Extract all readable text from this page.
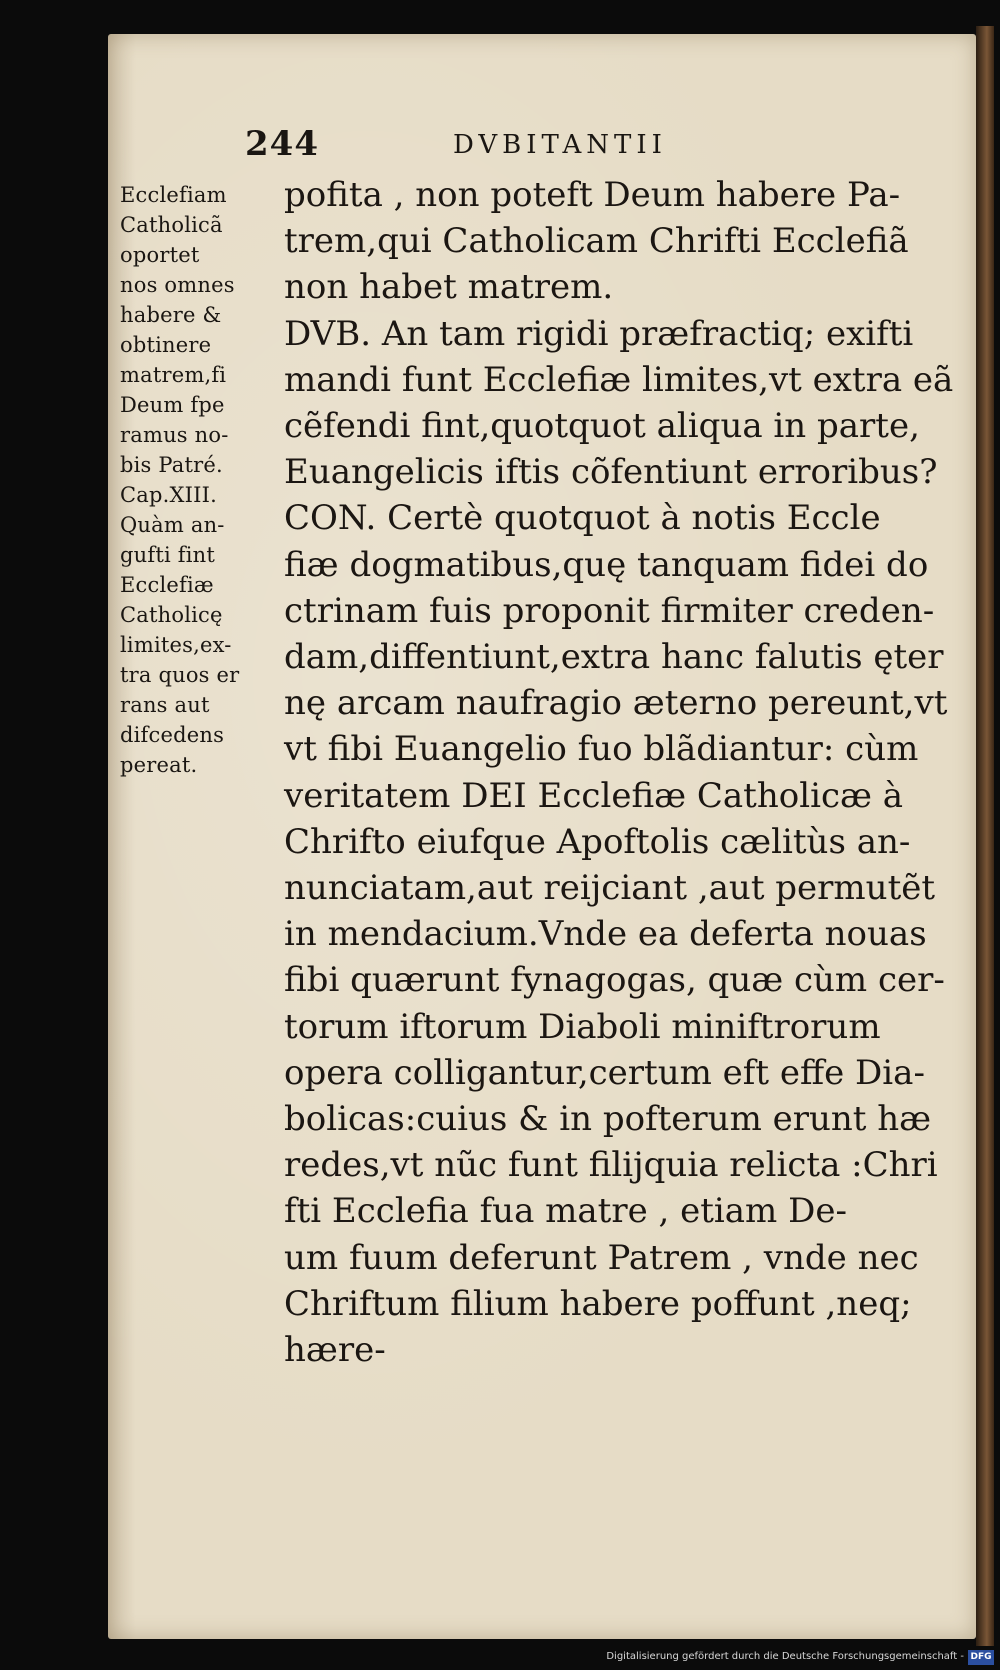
244	DVBITANTII
Ecclefiam
Catholicã
oportet
nos omnes
habere &
obtinere
matrem,fi
Deum fpe
ramus no-
bis Patré.
Cap.XIII.
Quàm an-
gufti fint
Ecclefiæ
Catholicę
limites,ex-
tra quos er
rans aut
difcedens
pereat.
pofita , non poteft Deum habere Pa-
trem,qui Catholicam Chrifti Ecclefiã
non habet matrem.
DVB. An tam rigidi præfractiq; exifti
mandi funt Ecclefiæ limites,vt extra eã
cẽfendi fint,quotquot aliqua in parte,
Euangelicis iftis cõfentiunt erroribus?
CON. Certè quotquot à notis Eccle
fiæ dogmatibus,quę tanquam fidei do
ctrinam fuis proponit firmiter creden-
dam,diffentiunt,extra hanc falutis ęter
nę arcam naufragio æterno pereunt,vt
vt fibi Euangelio fuo blãdiantur: cùm
veritatem DEI Ecclefiæ Catholicæ à
Chrifto eiufque Apoftolis cælitùs an-
nunciatam,aut reijciant ,aut permutẽt
in mendacium.Vnde ea deferta nouas
fibi quærunt fynagogas, quæ cùm cer-
torum iftorum Diaboli miniftrorum
opera colligantur,certum eft effe Dia-
bolicas:cuius & in pofterum erunt hæ
redes,vt nũc funt filijquia relicta :Chri
fti Ecclefia fua matre , etiam De-
um fuum deferunt Patrem , vnde nec
Chriftum filium habere poffunt ,neq;
hære-
Digitalisierung gefördert durch die Deutsche Forschungsgemeinschaft - DFG
